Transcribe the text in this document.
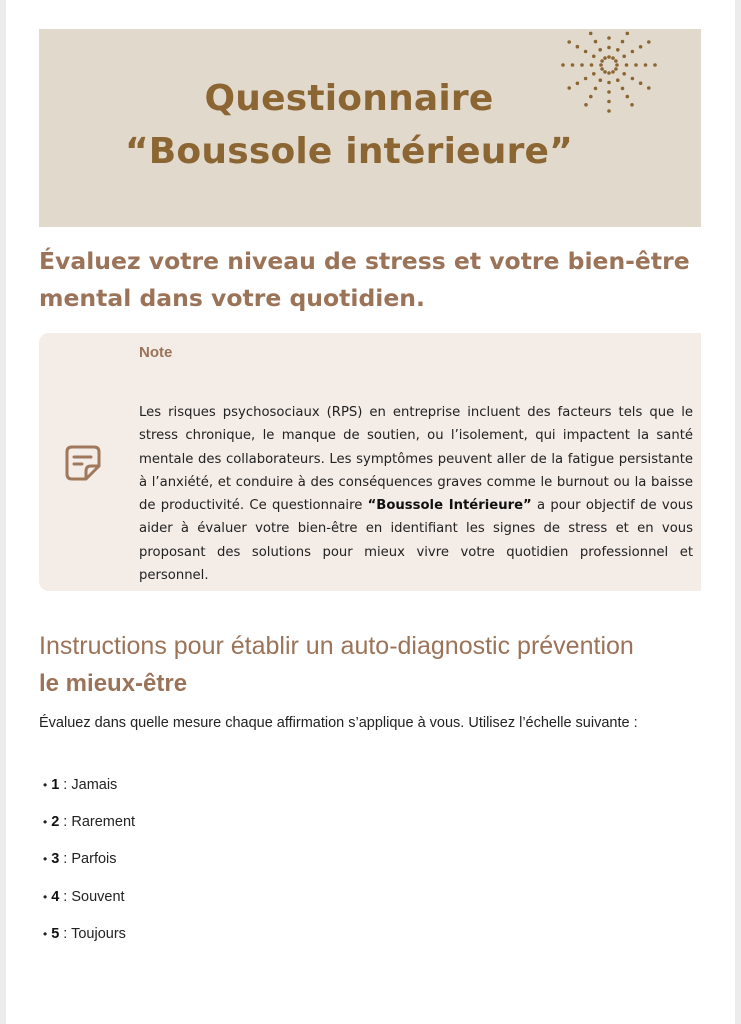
Questionnaire
“Boussole intérieure”
Évaluez votre niveau de stress et votre bien-être mental dans votre quotidien.
Note
Les risques psychosociaux (RPS) en entreprise incluent des facteurs tels que le stress chronique, le manque de soutien, ou l’isolement, qui impactent la santé mentale des collaborateurs. Les symptômes peuvent aller de la fatigue persistante à l’anxiété, et conduire à des conséquences graves comme le burnout ou la baisse de productivité. Ce questionnaire “Boussole Intérieure” a pour objectif de vous aider à évaluer votre bien-être en identifiant les signes de stress et en vous proposant des solutions pour mieux vivre votre quotidien professionnel et personnel.
Instructions pour établir un auto-diagnostic prévention
le mieux-être
Évaluez dans quelle mesure chaque affirmation s’applique à vous. Utilisez l’échelle suivante :
• 1 : Jamais
• 2 : Rarement
• 3 : Parfois
• 4 : Souvent
• 5 : Toujours
